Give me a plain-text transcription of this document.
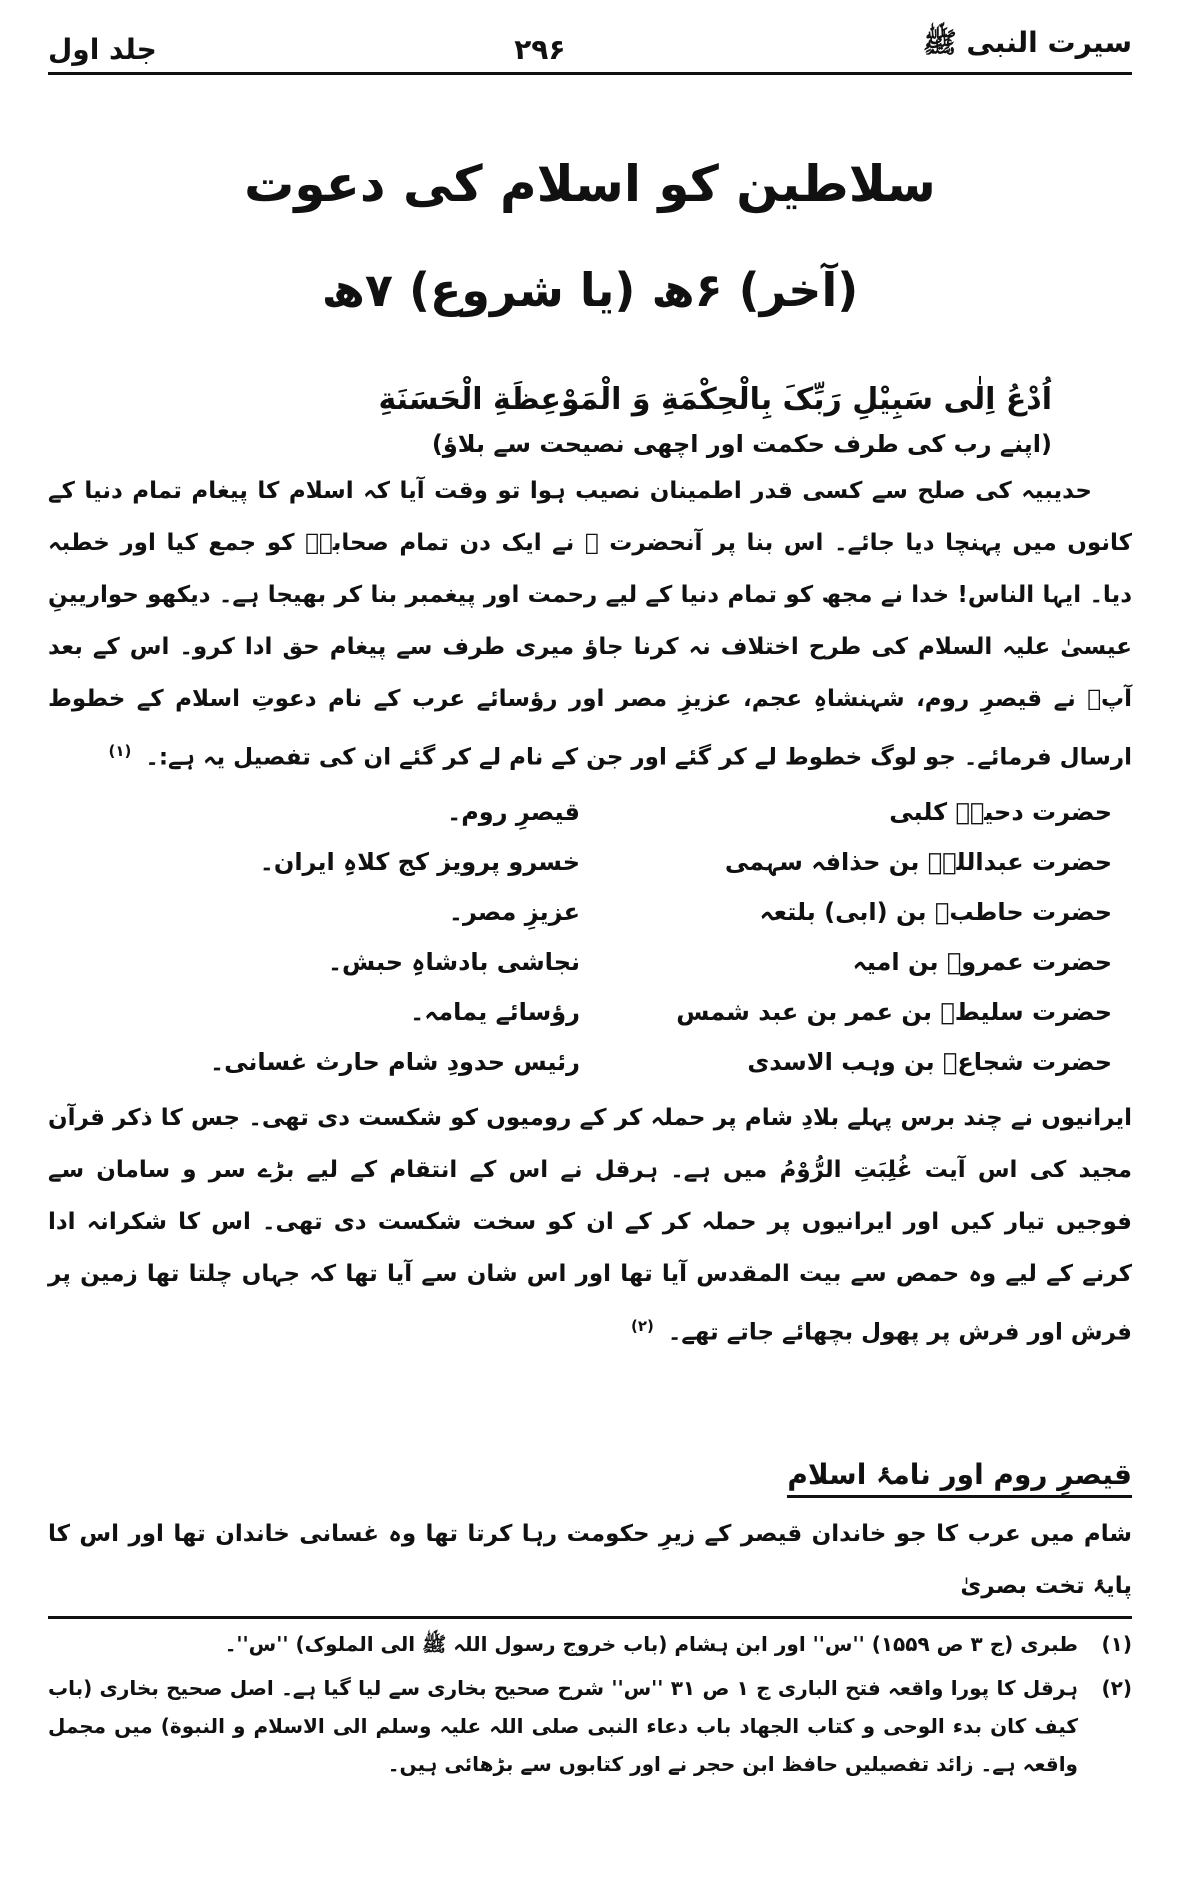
سیرت النبی ﷺ
۲۹۶
جلد اول
سلاطین کو اسلام کی دعوت
(آخر) ۶ھ (یا شروع) ۷ھ
اُدْعُ اِلٰی سَبِیْلِ رَبِّکَ بِالْحِکْمَةِ وَ الْمَوْعِظَةِ الْحَسَنَةِ
(اپنے رب کی طرف حکمت اور اچھی نصیحت سے بلاؤ)
حدیبیہ کی صلح سے کسی قدر اطمینان نصیب ہوا تو وقت آیا کہ اسلام کا پیغام تمام دنیا کے کانوں میں پہنچا دیا جائے۔ اس بنا پر آنحضرت ﷺ نے ایک دن تمام صحابہؓ کو جمع کیا اور خطبہ دیا۔ ایہا الناس! خدا نے مجھ کو تمام دنیا کے لیے رحمت اور پیغمبر بنا کر بھیجا ہے۔ دیکھو حواریینِ عیسیٰ علیہ السلام کی طرح اختلاف نہ کرنا جاؤ میری طرف سے پیغام حق ادا کرو۔ اس کے بعد آپؐ نے قیصرِ روم، شہنشاہِ عجم، عزیزِ مصر اور رؤسائے عرب کے نام دعوتِ اسلام کے خطوط ارسال فرمائے۔ جو لوگ خطوط لے کر گئے اور جن کے نام لے کر گئے ان کی تفصیل یہ ہے:۔ $^{(۱)}$
حضرت دحیہؓ کلبی
قیصرِ روم۔
حضرت عبداللہؓ بن حذافہ سہمی
خسرو پرویز کج کلاہِ ایران۔
حضرت حاطبؓ بن (ابی) بلتعہ
عزیزِ مصر۔
حضرت عمروؓ بن امیہ
نجاشی بادشاہِ حبش۔
حضرت سلیطؓ بن عمر بن عبد شمس
رؤسائے یمامہ۔
حضرت شجاعؓ بن وہب الاسدی
رئیس حدودِ شام حارث غسانی۔
ایرانیوں نے چند برس پہلے بلادِ شام پر حملہ کر کے رومیوں کو شکست دی تھی۔ جس کا ذکر قرآن مجید کی اس آیت غُلِبَتِ الرُّوْمُ میں ہے۔ ہرقل نے اس کے انتقام کے لیے بڑے سر و سامان سے فوجیں تیار کیں اور ایرانیوں پر حملہ کر کے ان کو سخت شکست دی تھی۔ اس کا شکرانہ ادا کرنے کے لیے وہ حمص سے بیت المقدس آیا تھا اور اس شان سے آیا تھا کہ جہاں چلتا تھا زمین پر فرش اور فرش پر پھول بچھائے جاتے تھے۔ $^{(۲)}$
قیصرِ روم اور نامۂ اسلام
شام میں عرب کا جو خاندان قیصر کے زیرِ حکومت رہا کرتا تھا وہ غسانی خاندان تھا اور اس کا پایۂ تخت بصریٰ
(۱)
طبری (ج ۳ ص ۱۵۵۹) ''س'' اور ابن ہشام (باب خروج رسول اللہ ﷺ الی الملوک) ''س''۔
(۲)
ہرقل کا پورا واقعہ فتح الباری ج ۱ ص ۳۱ ''س'' شرح صحیح بخاری سے لیا گیا ہے۔ اصل صحیح بخاری (باب کیف کان بدء الوحی و کتاب الجهاد باب دعاء النبی صلی اللہ علیہ وسلم الی الاسلام و النبوة) میں مجمل واقعہ ہے۔ زائد تفصیلیں حافظ ابن حجر نے اور کتابوں سے بڑھائی ہیں۔
